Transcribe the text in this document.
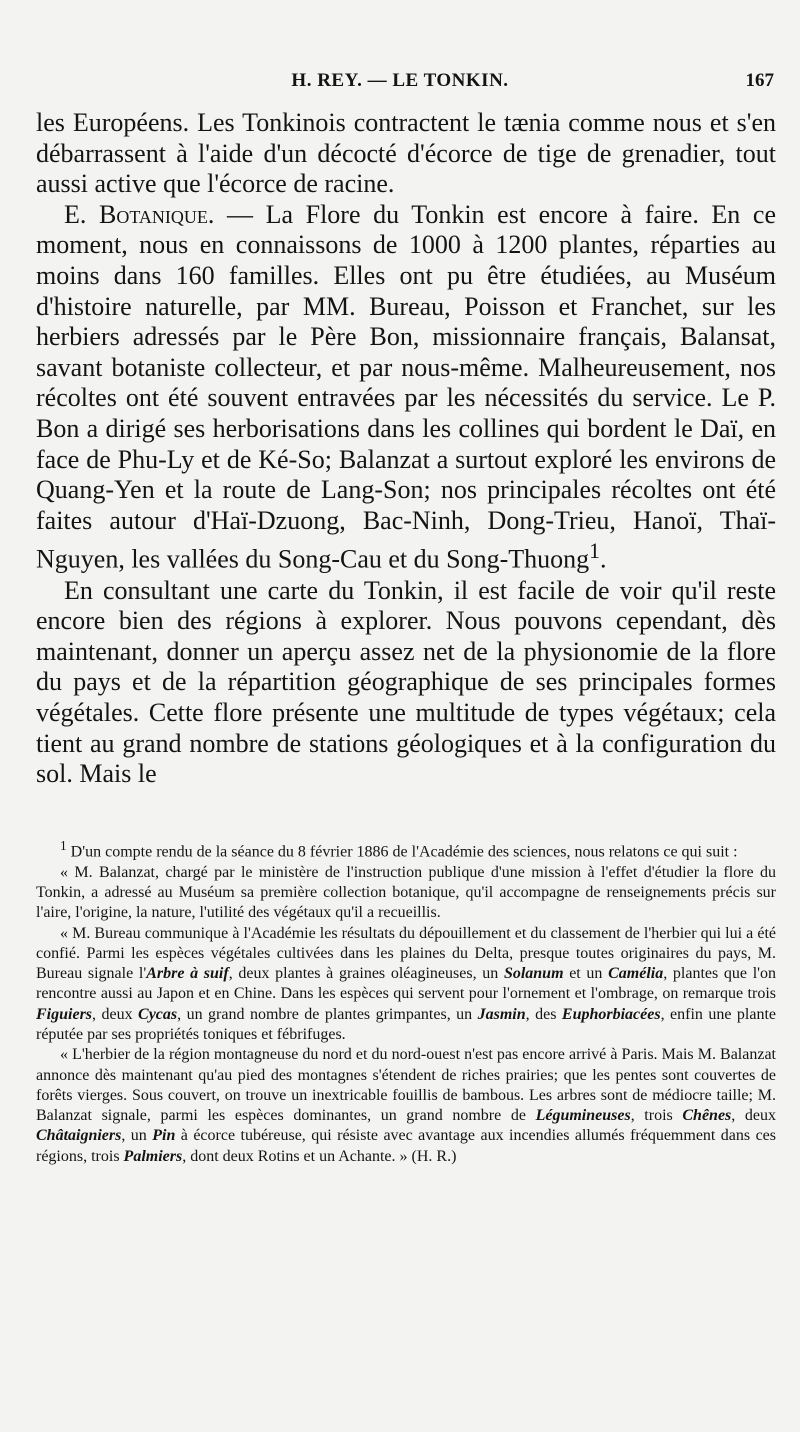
H. REY. — LE TONKIN.	167

les Européens. Les Tonkinois contractent le tænia comme nous et s'en débarrassent à l'aide d'un décocté d'écorce de tige de grenadier, tout aussi active que l'écorce de racine.

E. Botanique. — La Flore du Tonkin est encore à faire. En ce moment, nous en connaissons de 1000 à 1200 plantes, réparties au moins dans 160 familles. Elles ont pu être étudiées, au Muséum d'histoire naturelle, par MM. Bureau, Poisson et Franchet, sur les herbiers adressés par le Père Bon, missionnaire français, Balansat, savant botaniste collecteur, et par nous-même. Malheureusement, nos récoltes ont été souvent entravées par les nécessités du service. Le P. Bon a dirigé ses herborisations dans les collines qui bordent le Daï, en face de Phu-Ly et de Ké-So; Balanzat a surtout exploré les environs de Quang-Yen et la route de Lang-Son; nos principales récoltes ont été faites autour d'Haï-Dzuong, Bac-Ninh, Dong-Trieu, Hanoï, Thaï-Nguyen, les vallées du Song-Cau et du Song-Thuong$^1$.

En consultant une carte du Tonkin, il est facile de voir qu'il reste encore bien des régions à explorer. Nous pouvons cependant, dès maintenant, donner un aperçu assez net de la physionomie de la flore du pays et de la répartition géographique de ses principales formes végétales. Cette flore présente une multitude de types végétaux; cela tient au grand nombre de stations géologiques et à la configuration du sol. Mais le

$^1$ D'un compte rendu de la séance du 8 février 1886 de l'Académie des sciences, nous relatons ce qui suit :

« M. Balanzat, chargé par le ministère de l'instruction publique d'une mission à l'effet d'étudier la flore du Tonkin, a adressé au Muséum sa première collection botanique, qu'il accompagne de renseignements précis sur l'aire, l'origine, la nature, l'utilité des végétaux qu'il a recueillis.

« M. Bureau communique à l'Académie les résultats du dépouillement et du classement de l'herbier qui lui a été confié. Parmi les espèces végétales cultivées dans les plaines du Delta, presque toutes originaires du pays, M. Bureau signale l'Arbre à suif, deux plantes à graines oléagineuses, un Solanum et un Camélia, plantes que l'on rencontre aussi au Japon et en Chine. Dans les espèces qui servent pour l'ornement et l'ombrage, on remarque trois Figuiers, deux Cycas, un grand nombre de plantes grimpantes, un Jasmin, des Euphorbiacées, enfin une plante réputée par ses propriétés toniques et fébrifuges.

« L'herbier de la région montagneuse du nord et du nord-ouest n'est pas encore arrivé à Paris. Mais M. Balanzat annonce dès maintenant qu'au pied des montagnes s'étendent de riches prairies; que les pentes sont couvertes de forêts vierges. Sous couvert, on trouve un inextricable fouillis de bambous. Les arbres sont de médiocre taille; M. Balanzat signale, parmi les espèces dominantes, un grand nombre de Légumineuses, trois Chênes, deux Châtaigniers, un Pin à écorce tubéreuse, qui résiste avec avantage aux incendies allumés fréquemment dans ces régions, trois Palmiers, dont deux Rotins et un Achante. » (H. R.)
